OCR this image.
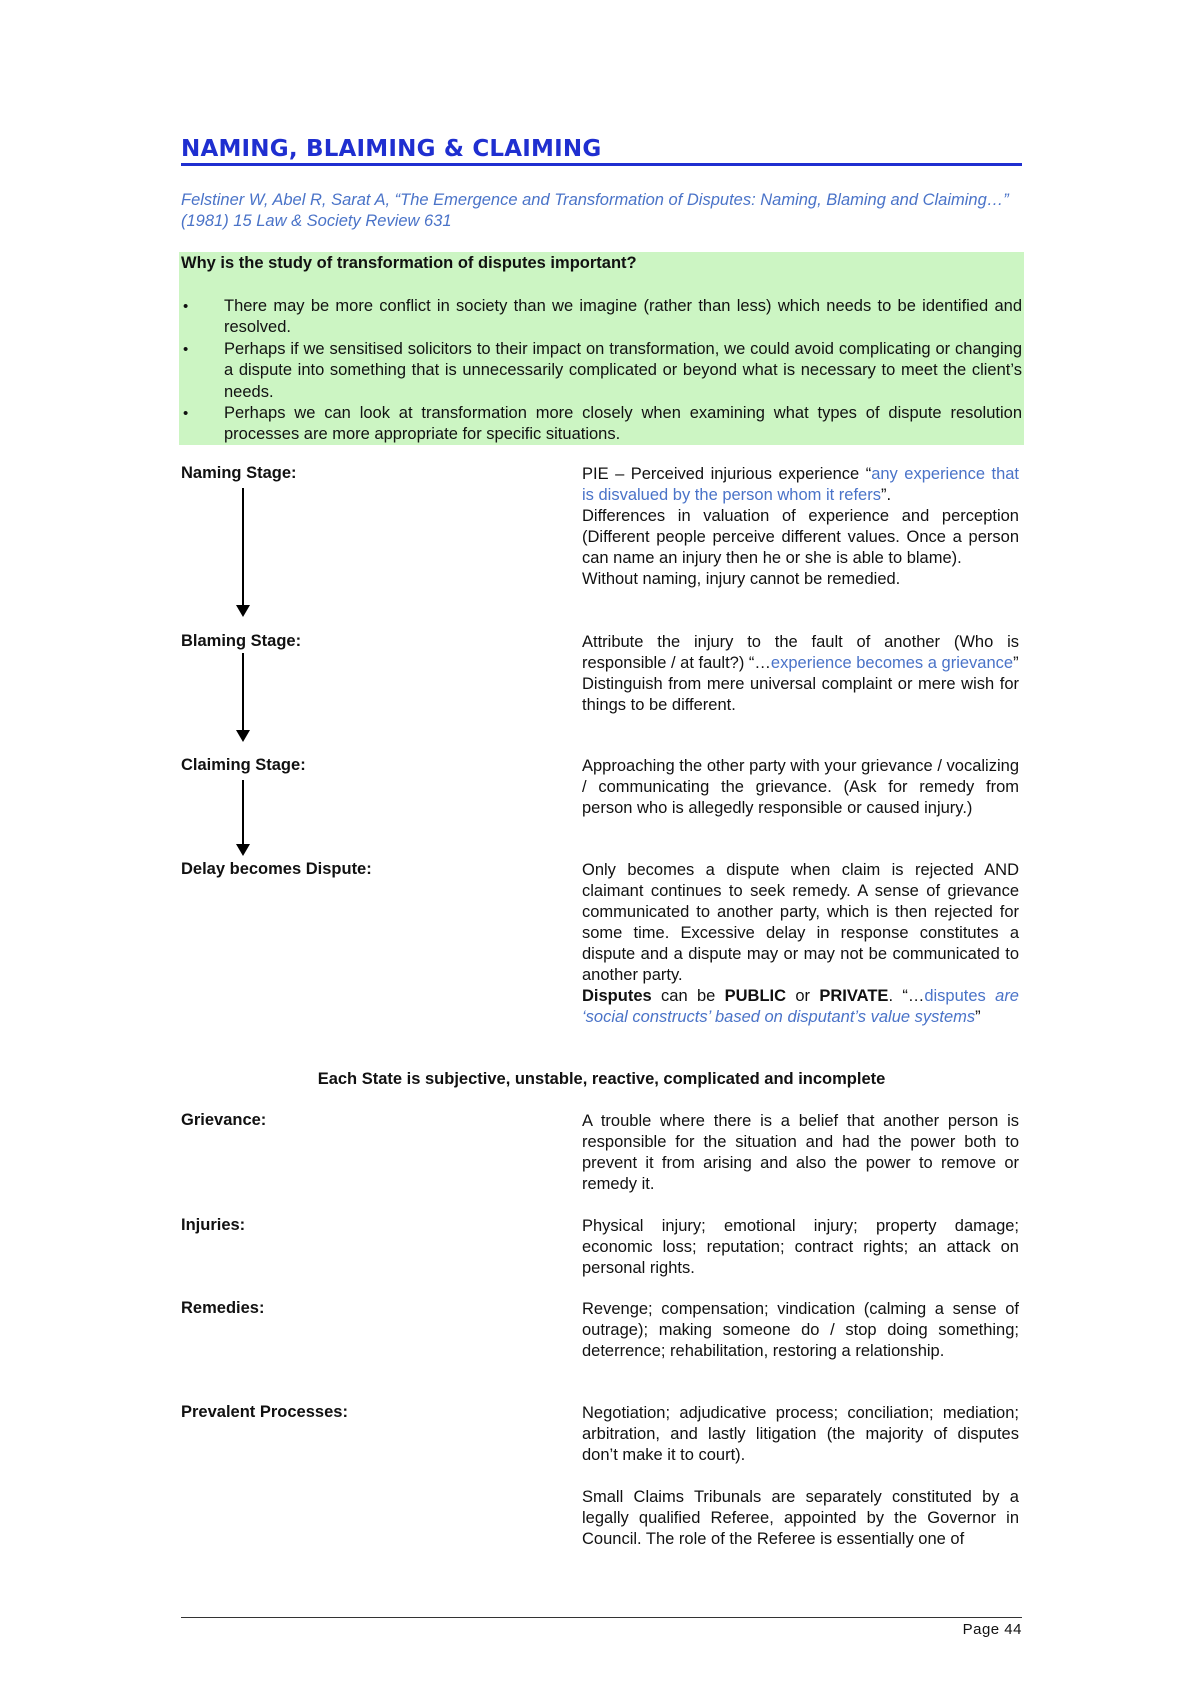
NAMING, BLAIMING & CLAIMING
Felstiner W, Abel R, Sarat A, “The Emergence and Transformation of Disputes: Naming, Blaming and Claiming…” (1981) 15 Law & Society Review 631
Why is the study of transformation of disputes important?
• There may be more conflict in society than we imagine (rather than less) which needs to be identified and resolved.
• Perhaps if we sensitised solicitors to their impact on transformation, we could avoid complicating or changing a dispute into something that is unnecessarily complicated or beyond what is necessary to meet the client’s needs.
• Perhaps we can look at transformation more closely when examining what types of dispute resolution processes are more appropriate for specific situations.
Naming Stage:	PIE – Perceived injurious experience “any experience that is disvalued by the person whom it refers”.
Differences in valuation of experience and perception (Different people perceive different values. Once a person can name an injury then he or she is able to blame).
Without naming, injury cannot be remedied.
Blaming Stage:	Attribute the injury to the fault of another (Who is responsible / at fault?) “…experience becomes a grievance”
Distinguish from mere universal complaint or mere wish for things to be different.
Claiming Stage:	Approaching the other party with your grievance / vocalizing / communicating the grievance. (Ask for remedy from person who is allegedly responsible or caused injury.)
Delay becomes Dispute:	Only becomes a dispute when claim is rejected AND claimant continues to seek remedy. A sense of grievance communicated to another party, which is then rejected for some time. Excessive delay in response constitutes a dispute and a dispute may or may not be communicated to another party.
Disputes can be PUBLIC or PRIVATE. “…disputes are ‘social constructs’ based on disputant’s value systems”
Each State is subjective, unstable, reactive, complicated and incomplete
Grievance:	A trouble where there is a belief that another person is responsible for the situation and had the power both to prevent it from arising and also the power to remove or remedy it.
Injuries:	Physical injury; emotional injury; property damage; economic loss; reputation; contract rights; an attack on personal rights.
Remedies:	Revenge; compensation; vindication (calming a sense of outrage); making someone do / stop doing something; deterrence; rehabilitation, restoring a relationship.
Prevalent Processes:	Negotiation; adjudicative process; conciliation; mediation; arbitration, and lastly litigation (the majority of disputes don’t make it to court).
Small Claims Tribunals are separately constituted by a legally qualified Referee, appointed by the Governor in Council. The role of the Referee is essentially one of
Page 44
